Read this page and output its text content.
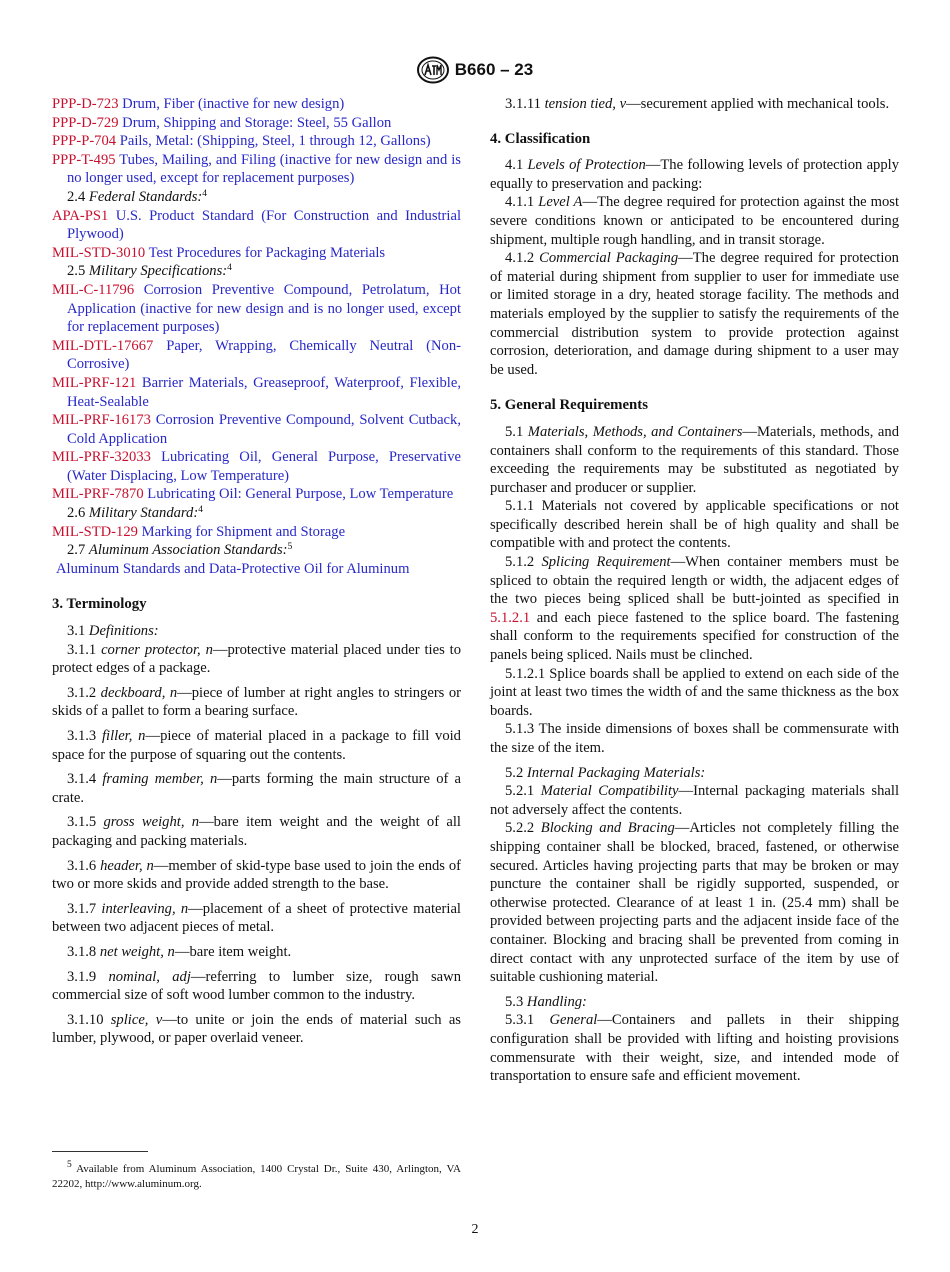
B660 – 23

PPP-D-723 Drum, Fiber (inactive for new design)

PPP-D-729 Drum, Shipping and Storage: Steel, 55 Gallon

PPP-P-704 Pails, Metal: (Shipping, Steel, 1 through 12, Gallons)

PPP-T-495 Tubes, Mailing, and Filing (inactive for new design and is no longer used, except for replacement purposes)

2.4 Federal Standards:$^4$

APA-PS1 U.S. Product Standard (For Construction and Industrial Plywood)

MIL-STD-3010 Test Procedures for Packaging Materials

2.5 Military Specifications:$^4$

MIL-C-11796 Corrosion Preventive Compound, Petrolatum, Hot Application (inactive for new design and is no longer used, except for replacement purposes)

MIL-DTL-17667 Paper, Wrapping, Chemically Neutral (Non-Corrosive)

MIL-PRF-121 Barrier Materials, Greaseproof, Waterproof, Flexible, Heat-Sealable

MIL-PRF-16173 Corrosion Preventive Compound, Solvent Cutback, Cold Application

MIL-PRF-32033 Lubricating Oil, General Purpose, Preservative (Water Displacing, Low Temperature)

MIL-PRF-7870 Lubricating Oil: General Purpose, Low Temperature

2.6 Military Standard:$^4$

MIL-STD-129 Marking for Shipment and Storage

2.7 Aluminum Association Standards:$^5$

Aluminum Standards and Data-Protective Oil for Aluminum

3. Terminology

3.1 Definitions:

3.1.1 corner protector, n—protective material placed under ties to protect edges of a package.

3.1.2 deckboard, n—piece of lumber at right angles to stringers or skids of a pallet to form a bearing surface.

3.1.3 filler, n—piece of material placed in a package to fill void space for the purpose of squaring out the contents.

3.1.4 framing member, n—parts forming the main structure of a crate.

3.1.5 gross weight, n—bare item weight and the weight of all packaging and packing materials.

3.1.6 header, n—member of skid-type base used to join the ends of two or more skids and provide added strength to the base.

3.1.7 interleaving, n—placement of a sheet of protective material between two adjacent pieces of metal.

3.1.8 net weight, n—bare item weight.

3.1.9 nominal, adj—referring to lumber size, rough sawn commercial size of soft wood lumber common to the industry.

3.1.10 splice, v—to unite or join the ends of material such as lumber, plywood, or paper overlaid veneer.

$^5$ Available from Aluminum Association, 1400 Crystal Dr., Suite 430, Arlington, VA 22202, http://www.aluminum.org.

3.1.11 tension tied, v—securement applied with mechanical tools.

4. Classification

4.1 Levels of Protection—The following levels of protection apply equally to preservation and packing:

4.1.1 Level A—The degree required for protection against the most severe conditions known or anticipated to be encountered during shipment, multiple rough handling, and in transit storage.

4.1.2 Commercial Packaging—The degree required for protection of material during shipment from supplier to user for immediate use or limited storage in a dry, heated storage facility. The methods and materials employed by the supplier to satisfy the requirements of the commercial distribution system to provide protection against corrosion, deterioration, and damage during shipment to a user may be used.

5. General Requirements

5.1 Materials, Methods, and Containers—Materials, methods, and containers shall conform to the requirements of this standard. Those exceeding the requirements may be substituted as negotiated by purchaser and producer or supplier.

5.1.1 Materials not covered by applicable specifications or not specifically described herein shall be of high quality and shall be compatible with and protect the contents.

5.1.2 Splicing Requirement—When container members must be spliced to obtain the required length or width, the adjacent edges of the two pieces being spliced shall be butt-jointed as specified in 5.1.2.1 and each piece fastened to the splice board. The fastening shall conform to the requirements specified for construction of the panels being spliced. Nails must be clinched.

5.1.2.1 Splice boards shall be applied to extend on each side of the joint at least two times the width of and the same thickness as the box boards.

5.1.3 The inside dimensions of boxes shall be commensurate with the size of the item.

5.2 Internal Packaging Materials:

5.2.1 Material Compatibility—Internal packaging materials shall not adversely affect the contents.

5.2.2 Blocking and Bracing—Articles not completely filling the shipping container shall be blocked, braced, fastened, or otherwise secured. Articles having projecting parts that may be broken or may puncture the container shall be rigidly supported, suspended, or otherwise protected. Clearance of at least 1 in. (25.4 mm) shall be provided between projecting parts and the adjacent inside face of the container. Blocking and bracing shall be prevented from coming in direct contact with any unprotected surface of the item by use of suitable cushioning material.

5.3 Handling:

5.3.1 General—Containers and pallets in their shipping configuration shall be provided with lifting and hoisting provisions commensurate with their weight, size, and intended mode of transportation to ensure safe and efficient movement.

2
